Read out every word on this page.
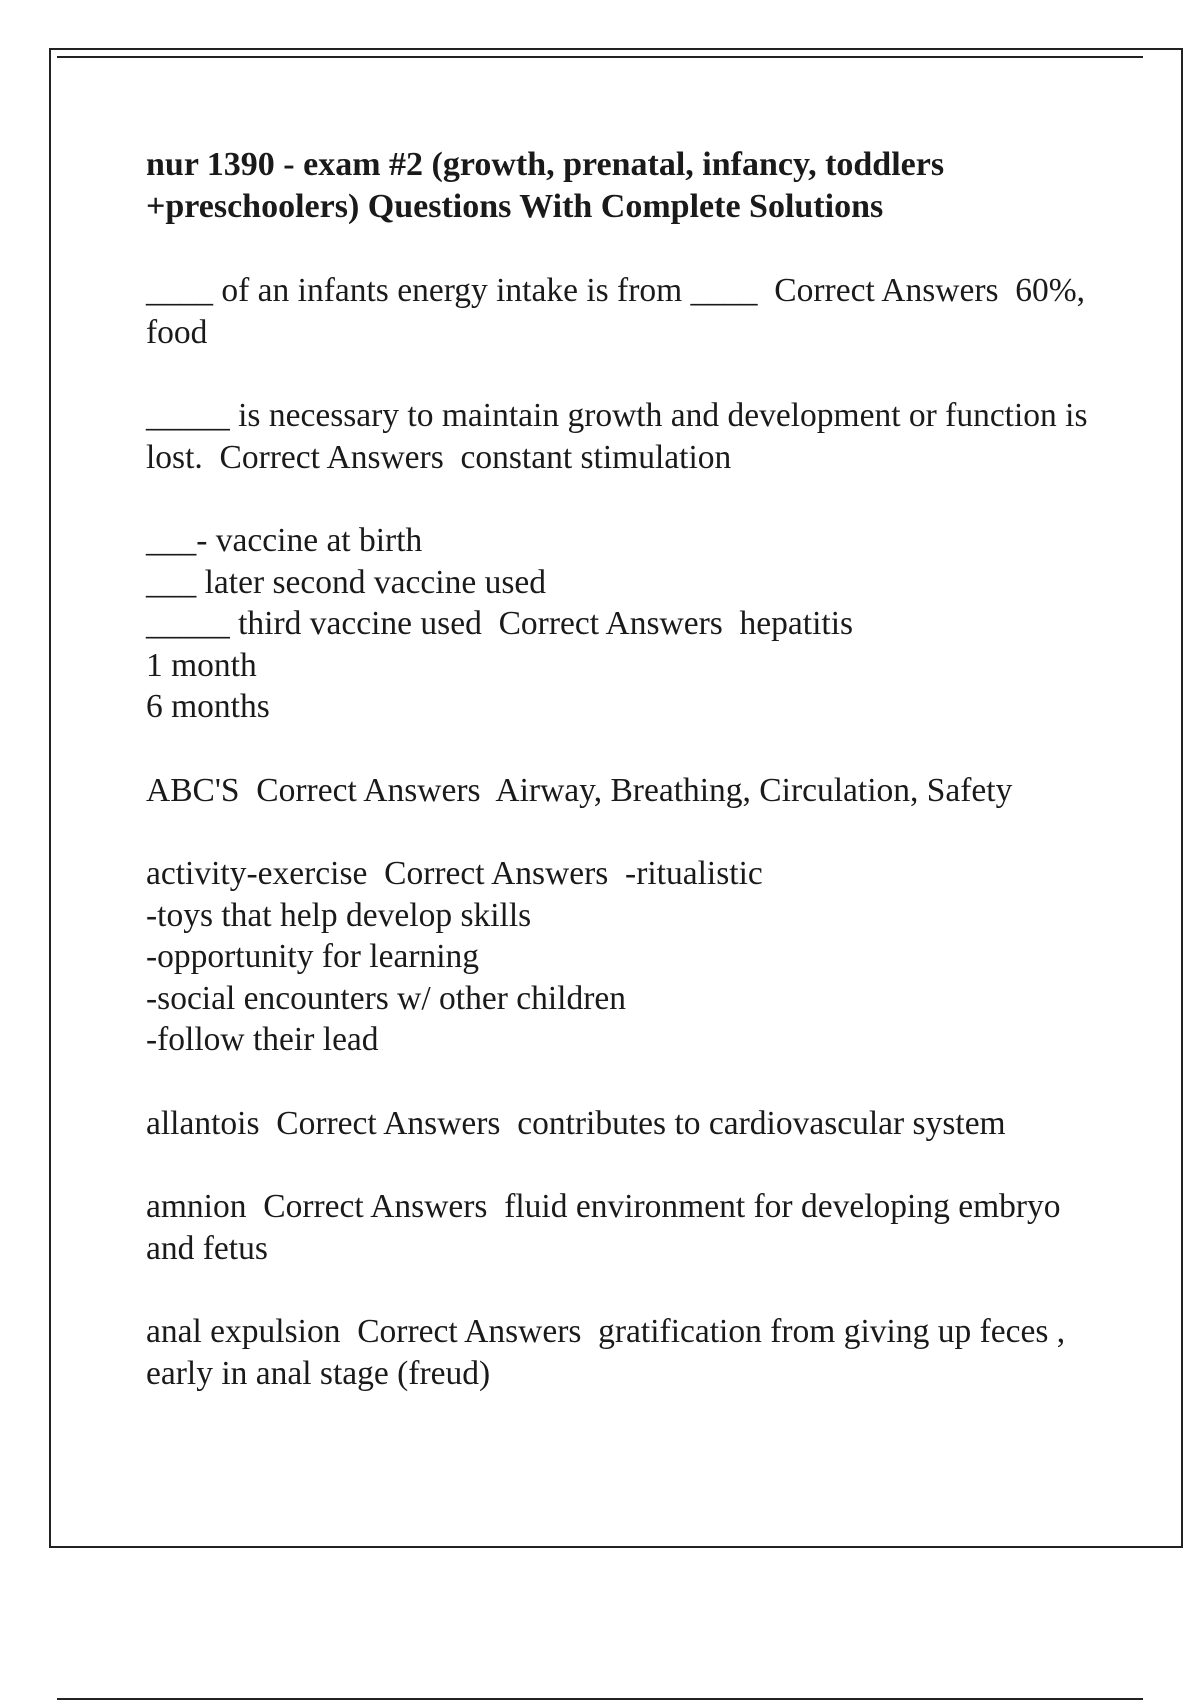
nur 1390 - exam #2 (growth, prenatal, infancy, toddlers +preschoolers) Questions With Complete Solutions
____ of an infants energy intake is from ____  Correct Answers  60%, food
_____ is necessary to maintain growth and development or function is lost.  Correct Answers  constant stimulation
___- vaccine at birth
___ later second vaccine used
_____ third vaccine used  Correct Answers  hepatitis
1 month
6 months
ABC'S  Correct Answers  Airway, Breathing, Circulation, Safety
activity-exercise  Correct Answers  -ritualistic
-toys that help develop skills
-opportunity for learning
-social encounters w/ other children
-follow their lead
allantois  Correct Answers  contributes to cardiovascular system
amnion  Correct Answers  fluid environment for developing embryo and fetus
anal expulsion  Correct Answers  gratification from giving up feces , early in anal stage (freud)
